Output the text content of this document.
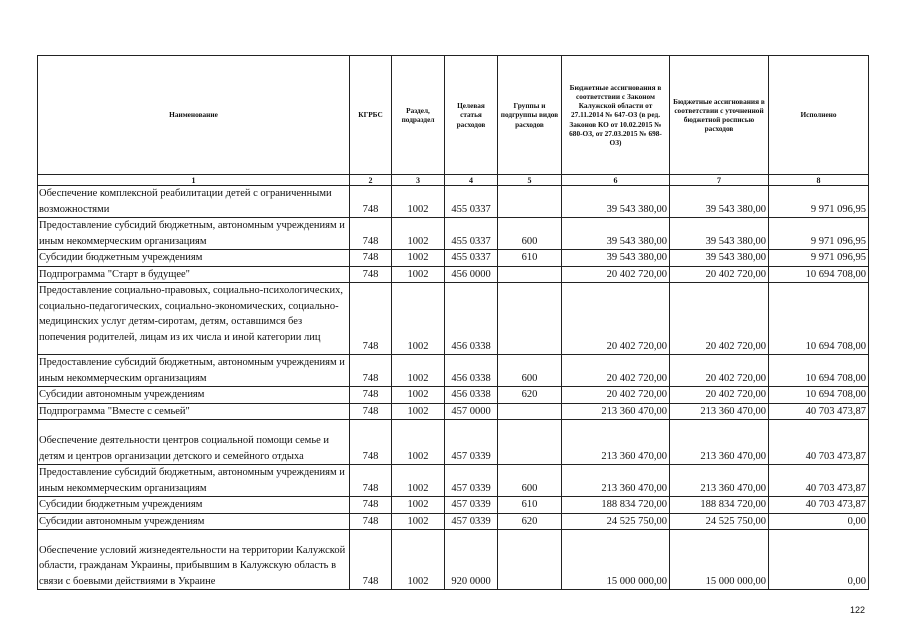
Наименование	КГРБС	Раздел, подраздел	Целевая статья расходов	Группы и подгруппы видов расходов	Бюджетные ассигнования в соответствии с Законом Калужской области от 27.11.2014 № 647-ОЗ (в ред. Законов КО от 10.02.2015 № 680-ОЗ, от 27.03.2015 № 698-ОЗ)	Бюджетные ассигнования в соответствии с уточненной бюджетной росписью расходов	Исполнено
1	2	3	4	5	6	7	8
Обеспечение комплексной реабилитации детей с ограниченными возможностями	748	1002	455 0337		39 543 380,00	39 543 380,00	9 971 096,95
Предоставление субсидий бюджетным, автономным учреждениям и иным некоммерческим организациям	748	1002	455 0337	600	39 543 380,00	39 543 380,00	9 971 096,95
Субсидии бюджетным учреждениям	748	1002	455 0337	610	39 543 380,00	39 543 380,00	9 971 096,95
Подпрограмма "Старт в будущее"	748	1002	456 0000		20 402 720,00	20 402 720,00	10 694 708,00
Предоставление социально-правовых, социально-психологических, социально-педагогических, социально-экономических, социально-медицинских услуг детям-сиротам, детям, оставшимся без попечения родителей, лицам из их числа и иной категории лиц	748	1002	456 0338		20 402 720,00	20 402 720,00	10 694 708,00
Предоставление субсидий бюджетным, автономным учреждениям и иным некоммерческим организациям	748	1002	456 0338	600	20 402 720,00	20 402 720,00	10 694 708,00
Субсидии автономным учреждениям	748	1002	456 0338	620	20 402 720,00	20 402 720,00	10 694 708,00
Подпрограмма "Вместе с семьей"	748	1002	457 0000		213 360 470,00	213 360 470,00	40 703 473,87
Обеспечение деятельности центров социальной помощи семье и детям и центров организации детского и семейного отдыха	748	1002	457 0339		213 360 470,00	213 360 470,00	40 703 473,87
Предоставление субсидий бюджетным, автономным учреждениям и иным некоммерческим организациям	748	1002	457 0339	600	213 360 470,00	213 360 470,00	40 703 473,87
Субсидии бюджетным учреждениям	748	1002	457 0339	610	188 834 720,00	188 834 720,00	40 703 473,87
Субсидии автономным учреждениям	748	1002	457 0339	620	24 525 750,00	24 525 750,00	0,00
Обеспечение условий жизнедеятельности на территории Калужской области, гражданам Украины, прибывшим в Калужскую область в связи с боевыми действиями в Украине	748	1002	920 0000		15 000 000,00	15 000 000,00	0,00
122
